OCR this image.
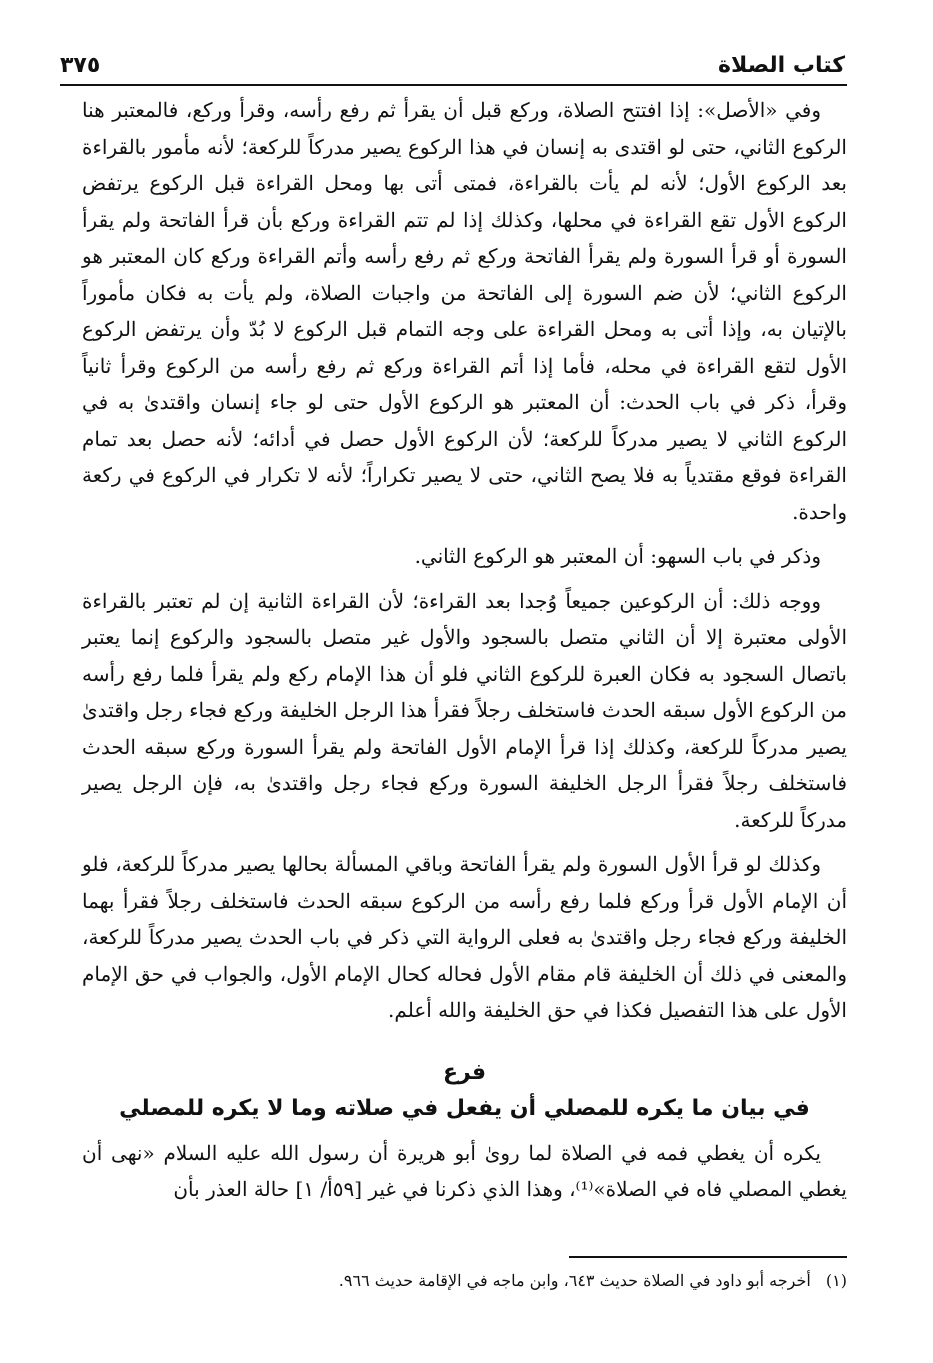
كتاب الصلاة
٣٧٥

وفي «الأصل»: إذا افتتح الصلاة، وركع قبل أن يقرأ ثم رفع رأسه، وقرأ وركع، فالمعتبر هنا الركوع الثاني، حتى لو اقتدى به إنسان في هذا الركوع يصير مدركاً للركعة؛ لأنه مأمور بالقراءة بعد الركوع الأول؛ لأنه لم يأت بالقراءة، فمتى أتى بها ومحل القراءة قبل الركوع يرتفض الركوع الأول تقع القراءة في محلها، وكذلك إذا لم تتم القراءة وركع بأن قرأ الفاتحة ولم يقرأ السورة أو قرأ السورة ولم يقرأ الفاتحة وركع ثم رفع رأسه وأتم القراءة وركع كان المعتبر هو الركوع الثاني؛ لأن ضم السورة إلى الفاتحة من واجبات الصلاة، ولم يأت به فكان مأموراً بالإتيان به، وإذا أتى به ومحل القراءة على وجه التمام قبل الركوع لا بُدّ وأن يرتفض الركوع الأول لتقع القراءة في محله، فأما إذا أتم القراءة وركع ثم رفع رأسه من الركوع وقرأ ثانياً وقرأ، ذكر في باب الحدث: أن المعتبر هو الركوع الأول حتى لو جاء إنسان واقتدىٰ به في الركوع الثاني لا يصير مدركاً للركعة؛ لأن الركوع الأول حصل في أدائه؛ لأنه حصل بعد تمام القراءة فوقع مقتدياً به فلا يصح الثاني، حتى لا يصير تكراراً؛ لأنه لا تكرار في الركوع في ركعة واحدة.

وذكر في باب السهو: أن المعتبر هو الركوع الثاني.

ووجه ذلك: أن الركوعين جميعاً وُجدا بعد القراءة؛ لأن القراءة الثانية إن لم تعتبر بالقراءة الأولى معتبرة إلا أن الثاني متصل بالسجود والأول غير متصل بالسجود والركوع إنما يعتبر باتصال السجود به فكان العبرة للركوع الثاني فلو أن هذا الإمام ركع ولم يقرأ فلما رفع رأسه من الركوع الأول سبقه الحدث فاستخلف رجلاً فقرأ هذا الرجل الخليفة وركع فجاء رجل واقتدىٰ يصير مدركاً للركعة، وكذلك إذا قرأ الإمام الأول الفاتحة ولم يقرأ السورة وركع سبقه الحدث فاستخلف رجلاً فقرأ الرجل الخليفة السورة وركع فجاء رجل واقتدىٰ به، فإن الرجل يصير مدركاً للركعة.

وكذلك لو قرأ الأول السورة ولم يقرأ الفاتحة وباقي المسألة بحالها يصير مدركاً للركعة، فلو أن الإمام الأول قرأ وركع فلما رفع رأسه من الركوع سبقه الحدث فاستخلف رجلاً فقرأ بهما الخليفة وركع فجاء رجل واقتدىٰ به فعلى الرواية التي ذكر في باب الحدث يصير مدركاً للركعة، والمعنى في ذلك أن الخليفة قام مقام الأول فحاله كحال الإمام الأول، والجواب في حق الإمام الأول على هذا التفصيل فكذا في حق الخليفة والله أعلم.

فرع
في بيان ما يكره للمصلي أن يفعل في صلاته وما لا يكره للمصلي

يكره أن يغطي فمه في الصلاة لما روىٰ أبو هريرة أن رسول الله عليه السلام «نهى أن يغطي المصلي فاه في الصلاة»⁽¹⁾، وهذا الذي ذكرنا في غير [٥٩أ/ ١] حالة العذر بأن

(١) أخرجه أبو داود في الصلاة حديث ٦٤٣، وابن ماجه في الإقامة حديث ٩٦٦.
